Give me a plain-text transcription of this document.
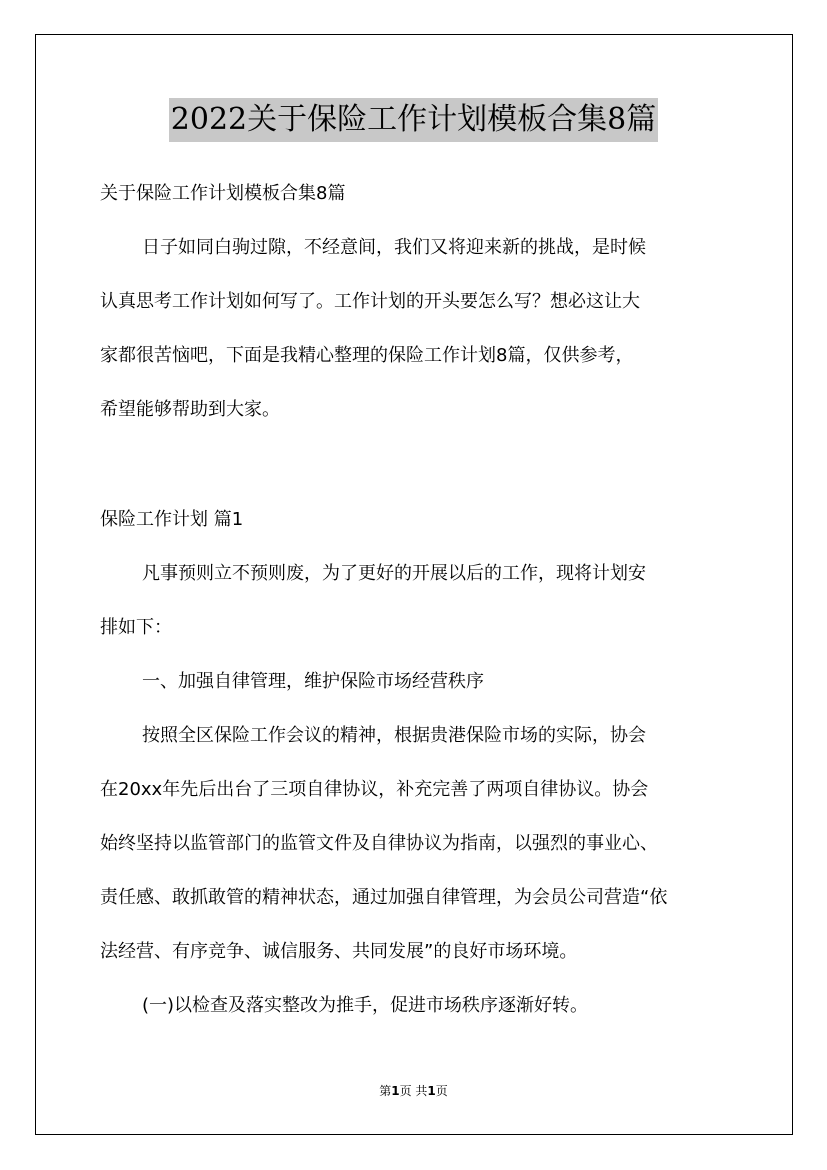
2022关于保险工作计划模板合集8篇
关于保险工作计划模板合集8篇
日子如同白驹过隙，不经意间，我们又将迎来新的挑战，是时候
认真思考工作计划如何写了。工作计划的开头要怎么写？想必这让大
家都很苦恼吧，下面是我精心整理的保险工作计划8篇，仅供参考，
希望能够帮助到大家。
保险工作计划 篇1
凡事预则立不预则废，为了更好的开展以后的工作，现将计划安
排如下：
一、加强自律管理，维护保险市场经营秩序
按照全区保险工作会议的精神，根据贵港保险市场的实际，协会
在20xx年先后出台了三项自律协议，补充完善了两项自律协议。协会
始终坚持以监管部门的监管文件及自律协议为指南，以强烈的事业心、
责任感、敢抓敢管的精神状态，通过加强自律管理，为会员公司营造“依
法经营、有序竞争、诚信服务、共同发展”的良好市场环境。
(一)以检查及落实整改为推手，促进市场秩序逐渐好转。
第1页 共1页
